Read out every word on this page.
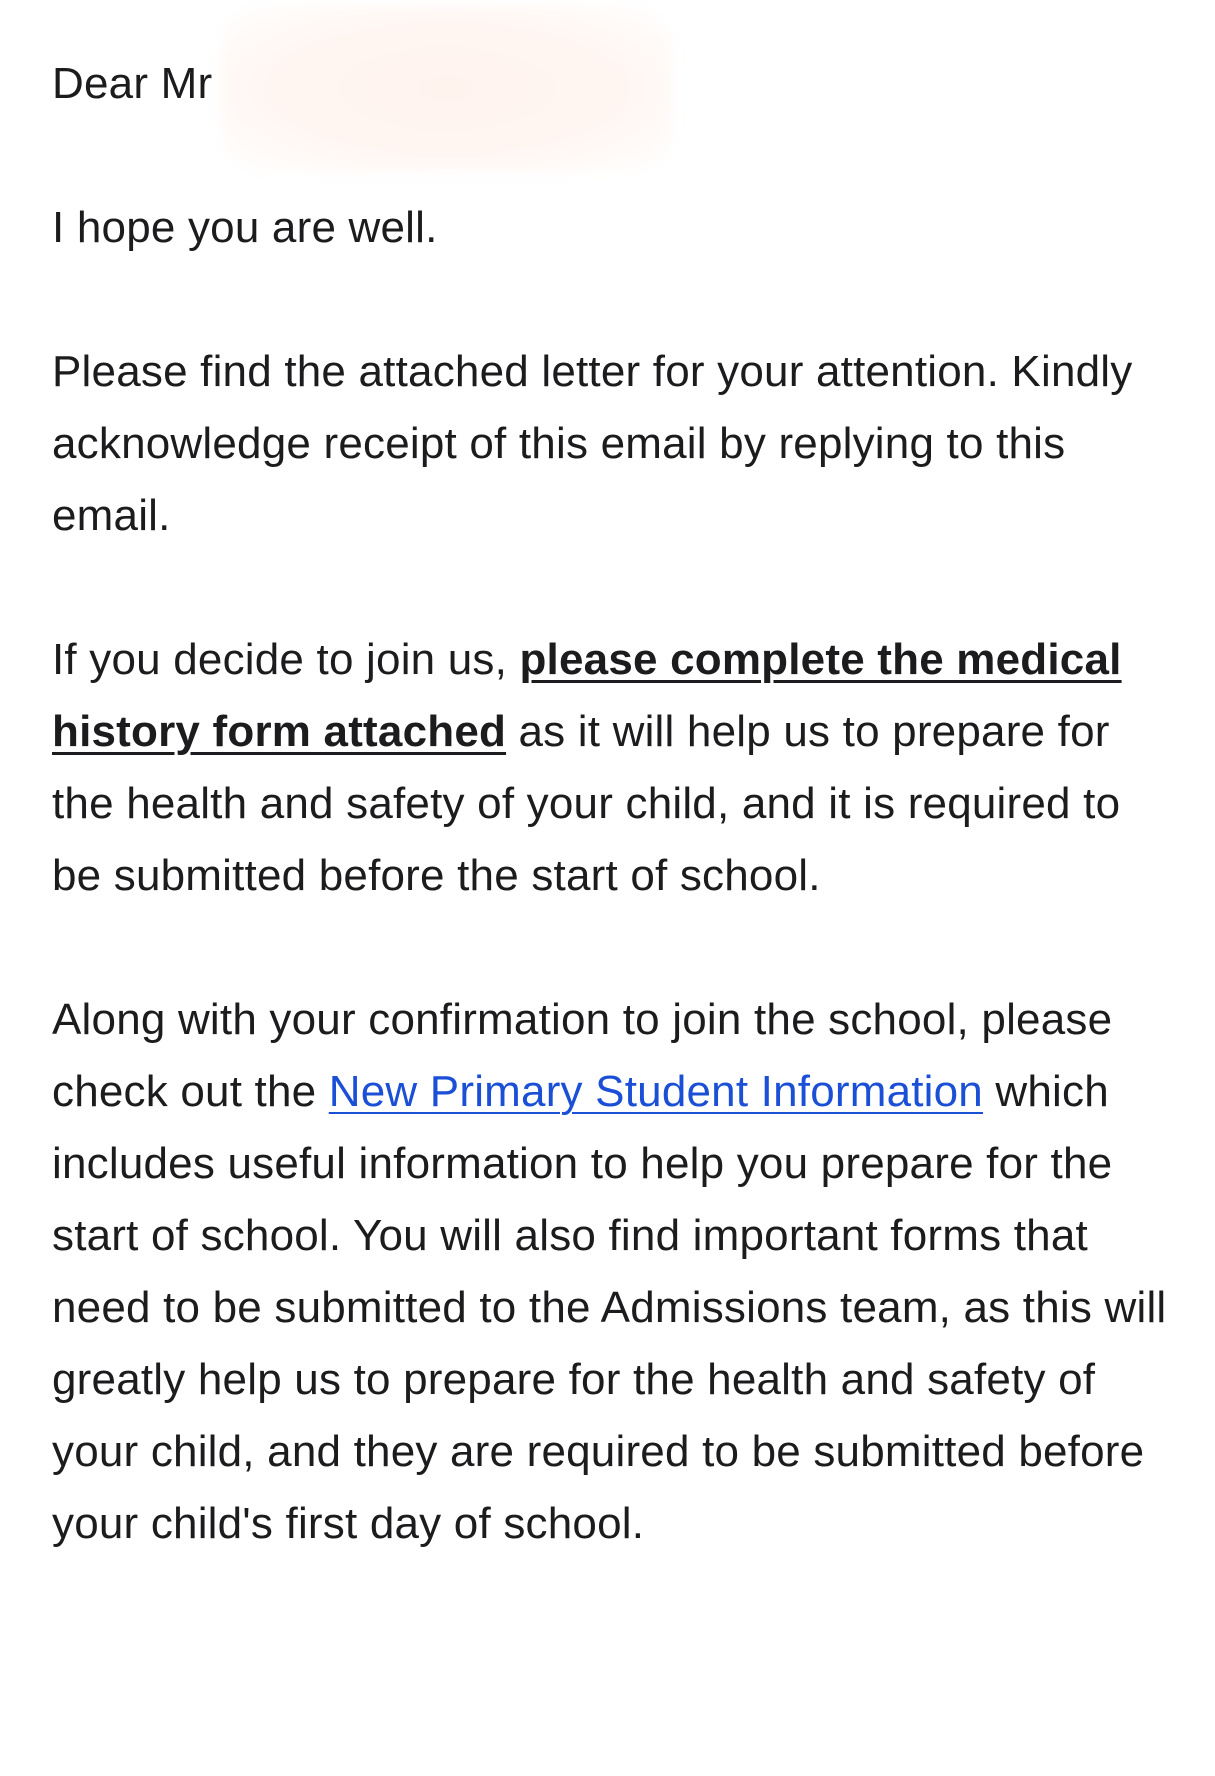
Dear Mr

I hope you are well.

Please find the attached letter for your attention. Kindly acknowledge receipt of this email by replying to this email.

If you decide to join us, please complete the medical history form attached as it will help us to prepare for the health and safety of your child, and it is required to be submitted before the start of school.

Along with your confirmation to join the school, please check out the New Primary Student Information which includes useful information to help you prepare for the start of school. You will also find important forms that need to be submitted to the Admissions team, as this will greatly help us to prepare for the health and safety of your child, and they are required to be submitted before your child's first day of school.
